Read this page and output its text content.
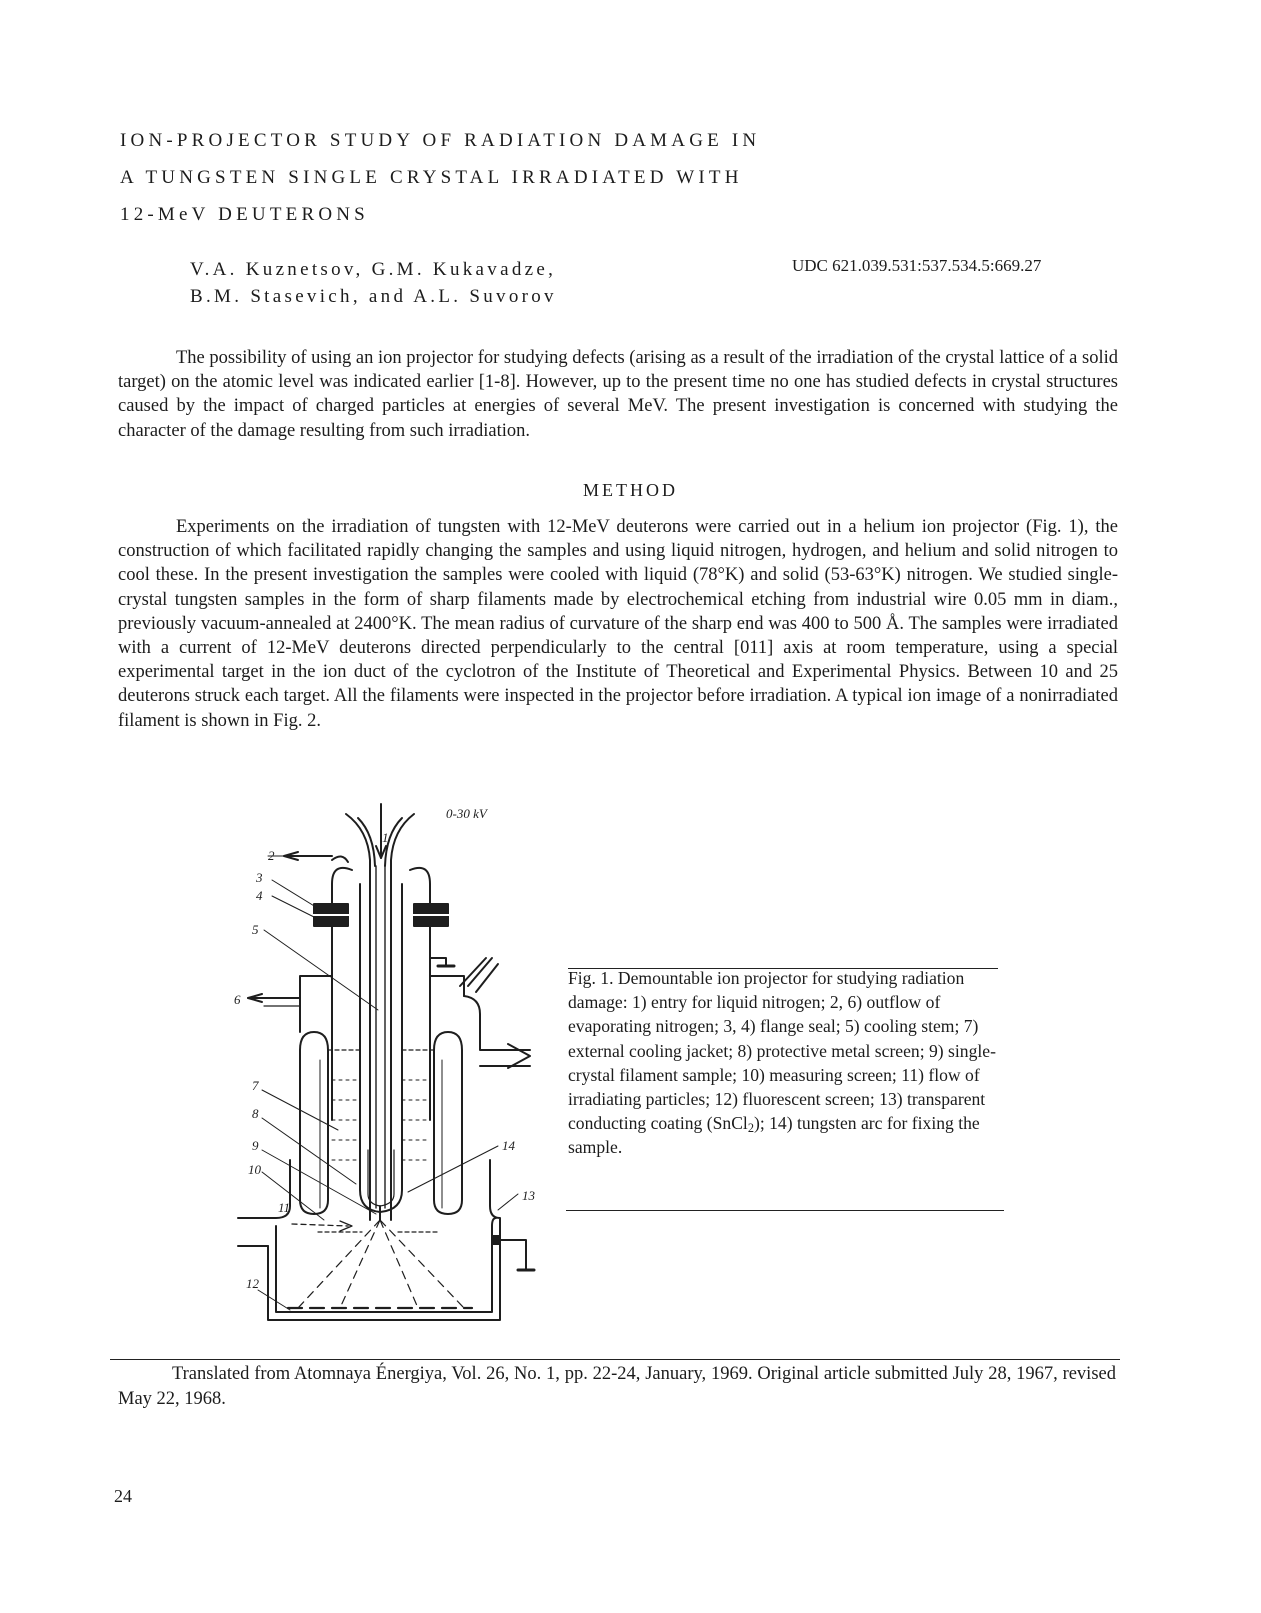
ION-PROJECTOR STUDY OF RADIATION DAMAGE IN
A TUNGSTEN SINGLE CRYSTAL IRRADIATED WITH
12-MeV DEUTERONS
V.A. Kuznetsov, G.M. Kukavadze,
B.M. Stasevich, and A.L. Suvorov
UDC 621.039.531:537.534.5:669.27

The possibility of using an ion projector for studying defects (arising as a result of the irradiation of the crystal lattice of a solid target) on the atomic level was indicated earlier [1-8]. However, up to the present time no one has studied defects in crystal structures caused by the impact of charged particles at energies of several MeV. The present investigation is concerned with studying the character of the damage resulting from such irradiation.

METHOD

Experiments on the irradiation of tungsten with 12-MeV deuterons were carried out in a helium ion projector (Fig. 1), the construction of which facilitated rapidly changing the samples and using liquid nitrogen, hydrogen, and helium and solid nitrogen to cool these. In the present investigation the samples were cooled with liquid (78°K) and solid (53-63°K) nitrogen. We studied single-crystal tungsten samples in the form of sharp filaments made by electrochemical etching from industrial wire 0.05 mm in diam., previously vacuum-annealed at 2400°K. The mean radius of curvature of the sharp end was 400 to 500 Å. The samples were irradiated with a current of 12-MeV deuterons directed perpendicularly to the central [011] axis at room temperature, using a special experimental target in the ion duct of the cyclotron of the Institute of Theoretical and Experimental Physics. Between 10 and 25 deuterons struck each target. All the filaments were inspected in the projector before irradiation. A typical ion image of a nonirradiated filament is shown in Fig. 2.

0-30 kV
1
2
3
4
5
6
7
8
9
10
11
12
13
14
Fig. 1. Demountable ion projector for studying radiation damage: 1) entry for liquid nitrogen; 2, 6) outflow of evaporating nitrogen; 3, 4) flange seal; 5) cooling stem; 7) external cooling jacket; 8) protective metal screen; 9) single-crystal filament sample; 10) measuring screen; 11) flow of irradiating particles; 12) fluorescent screen; 13) transparent conducting coating (SnCl$_2$); 14) tungsten arc for fixing the sample.

Translated from Atomnaya Énergiya, Vol. 26, No. 1, pp. 22-24, January, 1969. Original article submitted July 28, 1967, revised May 22, 1968.

24
